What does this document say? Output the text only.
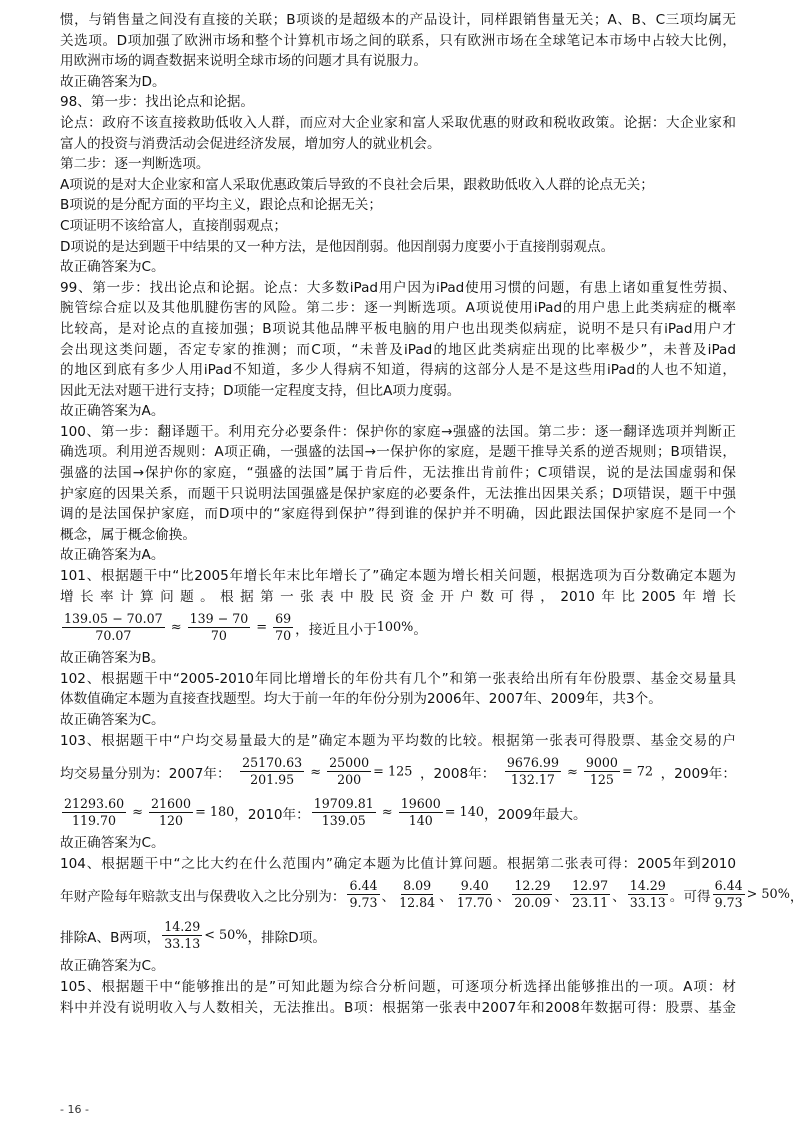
惯，与销售量之间没有直接的关联；B项谈的是超级本的产品设计，同样跟销售量无关；A、B、C三项均属无
关选项。D项加强了欧洲市场和整个计算机市场之间的联系，只有欧洲市场在全球笔记本市场中占较大比例，
用欧洲市场的调查数据来说明全球市场的问题才具有说服力。
故正确答案为D。
98、第一步：找出论点和论据。
论点：政府不该直接救助低收入人群，而应对大企业家和富人采取优惠的财政和税收政策。论据：大企业家和
富人的投资与消费活动会促进经济发展，增加穷人的就业机会。
第二步：逐一判断选项。
A项说的是对大企业家和富人采取优惠政策后导致的不良社会后果，跟救助低收入人群的论点无关；
B项说的是分配方面的平均主义，跟论点和论据无关；
C项证明不该给富人，直接削弱观点；
D项说的是达到题干中结果的又一种方法，是他因削弱。他因削弱力度要小于直接削弱观点。
故正确答案为C。
99、第一步：找出论点和论据。论点：大多数iPad用户因为iPad使用习惯的问题，有患上诸如重复性劳损、
腕管综合症以及其他肌腱伤害的风险。第二步：逐一判断选项。A项说使用iPad的用户患上此类病症的概率
比较高，是对论点的直接加强；B项说其他品牌平板电脑的用户也出现类似病症，说明不是只有iPad用户才
会出现这类问题，否定专家的推测；而C项，“未普及iPad的地区此类病症出现的比率极少”，未普及iPad
的地区到底有多少人用iPad不知道，多少人得病不知道，得病的这部分人是不是这些用iPad的人也不知道，
因此无法对题干进行支持；D项能一定程度支持，但比A项力度弱。
故正确答案为A。
100、第一步：翻译题干。利用充分必要条件：保护你的家庭→强盛的法国。第二步：逐一翻译选项并判断正
确选项。利用逆否规则：A项正确，一强盛的法国→一保护你的家庭，是题干推导关系的逆否规则；B项错误，
强盛的法国→保护你的家庭，“强盛的法国”属于肯后件，无法推出肯前件；C项错误，说的是法国虚弱和保
护家庭的因果关系，而题干只说明法国强盛是保护家庭的必要条件，无法推出因果关系；D项错误，题干中强
调的是法国保护家庭，而D项中的“家庭得到保护”得到谁的保护并不明确，因此跟法国保护家庭不是同一个
概念，属于概念偷换。
故正确答案为A。
101、根据题干中“比2005年增长年末比年增长了”确定本题为增长相关问题，根据选项为百分数确定本题为
增长率计算问题。根据第一张表中股民资金开户数可得，2010年比2005年增长
$\frac{139.05 - 70.07}{70.07} \approx \frac{139 - 70}{70} = \frac{69}{70}$ ，接近且小于 100% 。
故正确答案为B。
102、根据题干中“2005-2010年同比增增长的年份共有几个”和第一张表给出所有年份股票、基金交易量具
体数值确定本题为直接查找题型。均大于前一年的年份分别为2006年、2007年、2009年，共3个。
故正确答案为C。
103、根据题干中“户均交易量最大的是”确定本题为平均数的比较。根据第一张表可得股票、基金交易的户
均交易量分别为：2007年： $\frac{25170.63}{201.95} \approx \frac{25000}{200} = 125$ ，2008年： $\frac{9676.99}{132.17} \approx \frac{9000}{125} = 72$ ，2009年：
$\frac{21293.60}{119.70} \approx \frac{21600}{120} = 180$ ，2010年： $\frac{19709.81}{139.05} \approx \frac{19600}{140} = 140$ ，2009年最大。
故正确答案为C。
104、根据题干中“之比大约在什么范围内”确定本题为比值计算问题。根据第二张表可得：2005年到2010
年财产险每年赔款支出与保费收入之比分别为： $\frac{6.44}{9.73}$ 、 $\frac{8.09}{12.84}$ 、 $\frac{9.40}{17.70}$ 、 $\frac{12.29}{20.09}$ 、 $\frac{12.97}{23.11}$ 、 $\frac{14.29}{33.13}$ 。可得 $\frac{6.44}{9.73} > 50\%$ ，
排除A、B两项， $\frac{14.29}{33.13} < 50\%$ ，排除D项。
故正确答案为C。
105、根据题干中“能够推出的是”可知此题为综合分析问题，可逐项分析选择出能够推出的一项。A项：材
料中并没有说明收入与人数相关，无法推出。B项：根据第一张表中2007年和2008年数据可得：股票、基金
- 16 -
